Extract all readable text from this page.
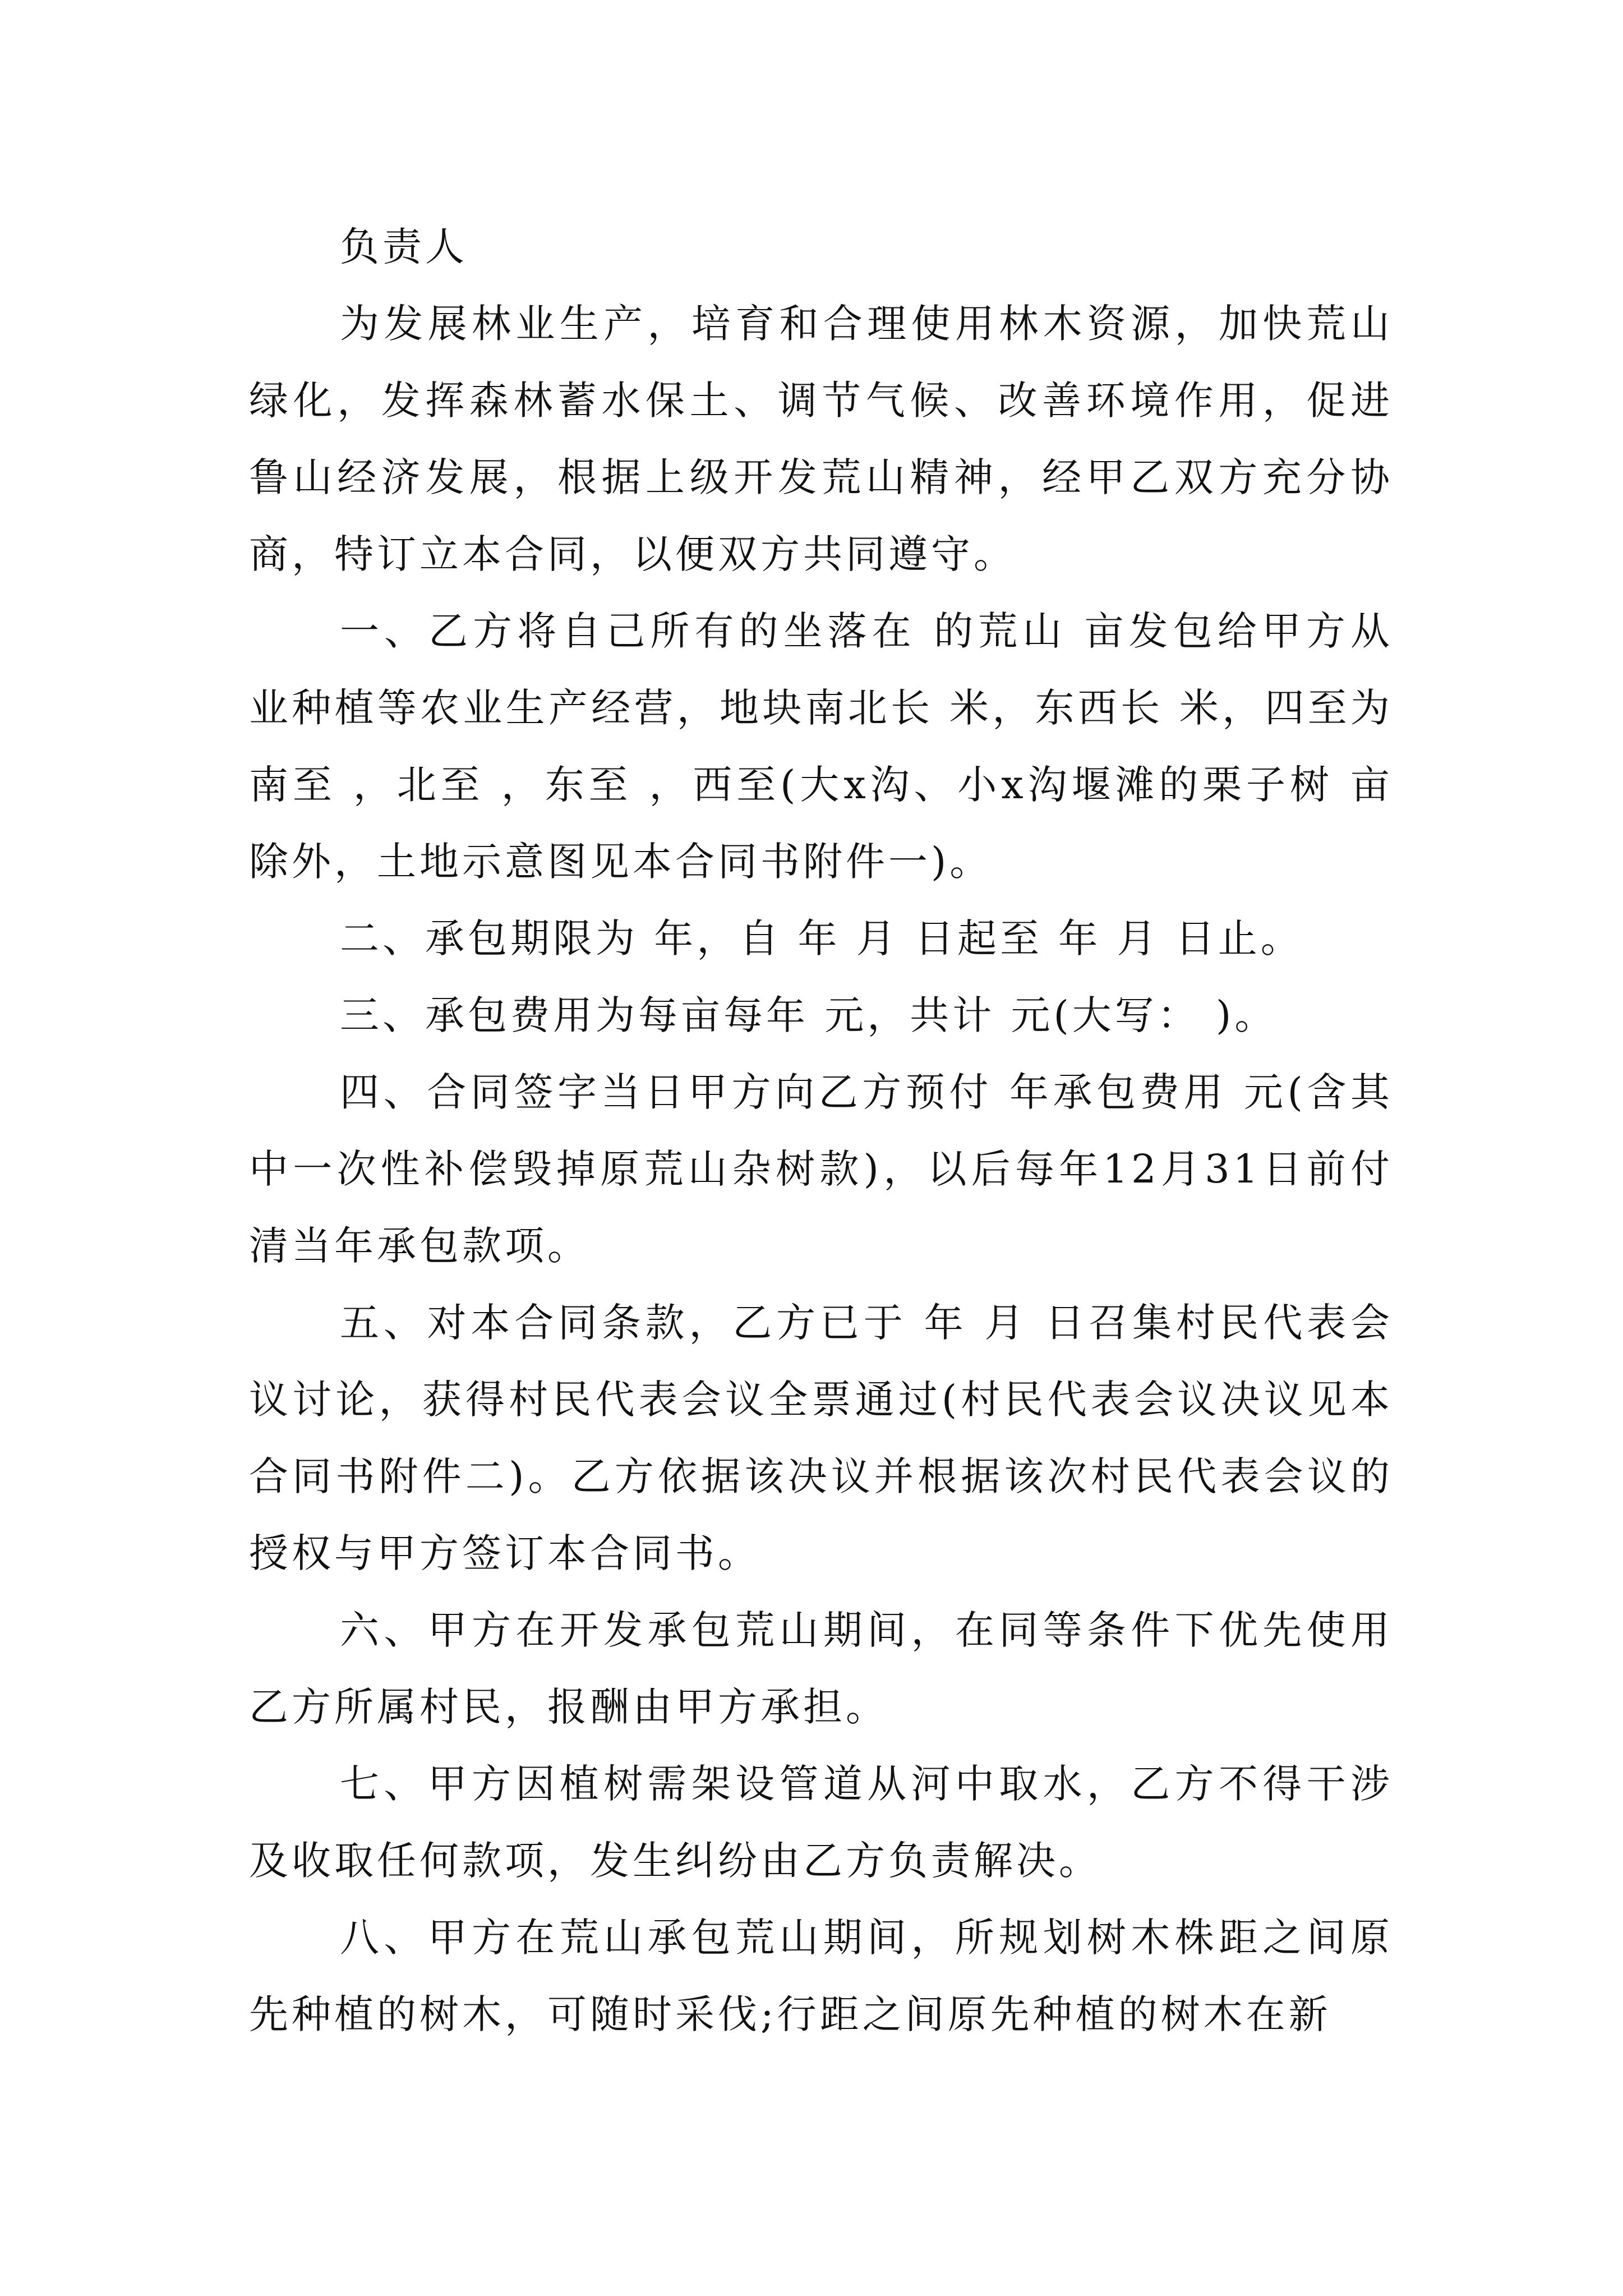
负责人

为发展林业生产，培育和合理使用林木资源，加快荒山绿化，发挥森林蓄水保土、调节气候、改善环境作用，促进鲁山经济发展，根据上级开发荒山精神，经甲乙双方充分协商，特订立本合同，以便双方共同遵守。

一、乙方将自己所有的坐落在 的荒山 亩发包给甲方从业种植等农业生产经营，地块南北长 米，东西长 米，四至为南至 ，北至 ，东至 ，西至(大x沟、小x沟堰滩的栗子树 亩除外，土地示意图见本合同书附件一)。

二、承包期限为 年，自 年 月 日起至 年 月 日止。

三、承包费用为每亩每年 元，共计 元(大写： )。

四、合同签字当日甲方向乙方预付 年承包费用 元(含其中一次性补偿毁掉原荒山杂树款)，以后每年12月31日前付清当年承包款项。

五、对本合同条款，乙方已于 年 月 日召集村民代表会议讨论，获得村民代表会议全票通过(村民代表会议决议见本合同书附件二)。乙方依据该决议并根据该次村民代表会议的授权与甲方签订本合同书。

六、甲方在开发承包荒山期间，在同等条件下优先使用乙方所属村民，报酬由甲方承担。

七、甲方因植树需架设管道从河中取水，乙方不得干涉及收取任何款项，发生纠纷由乙方负责解决。

八、甲方在荒山承包荒山期间，所规划树木株距之间原先种植的树木，可随时采伐;行距之间原先种植的树木在新
